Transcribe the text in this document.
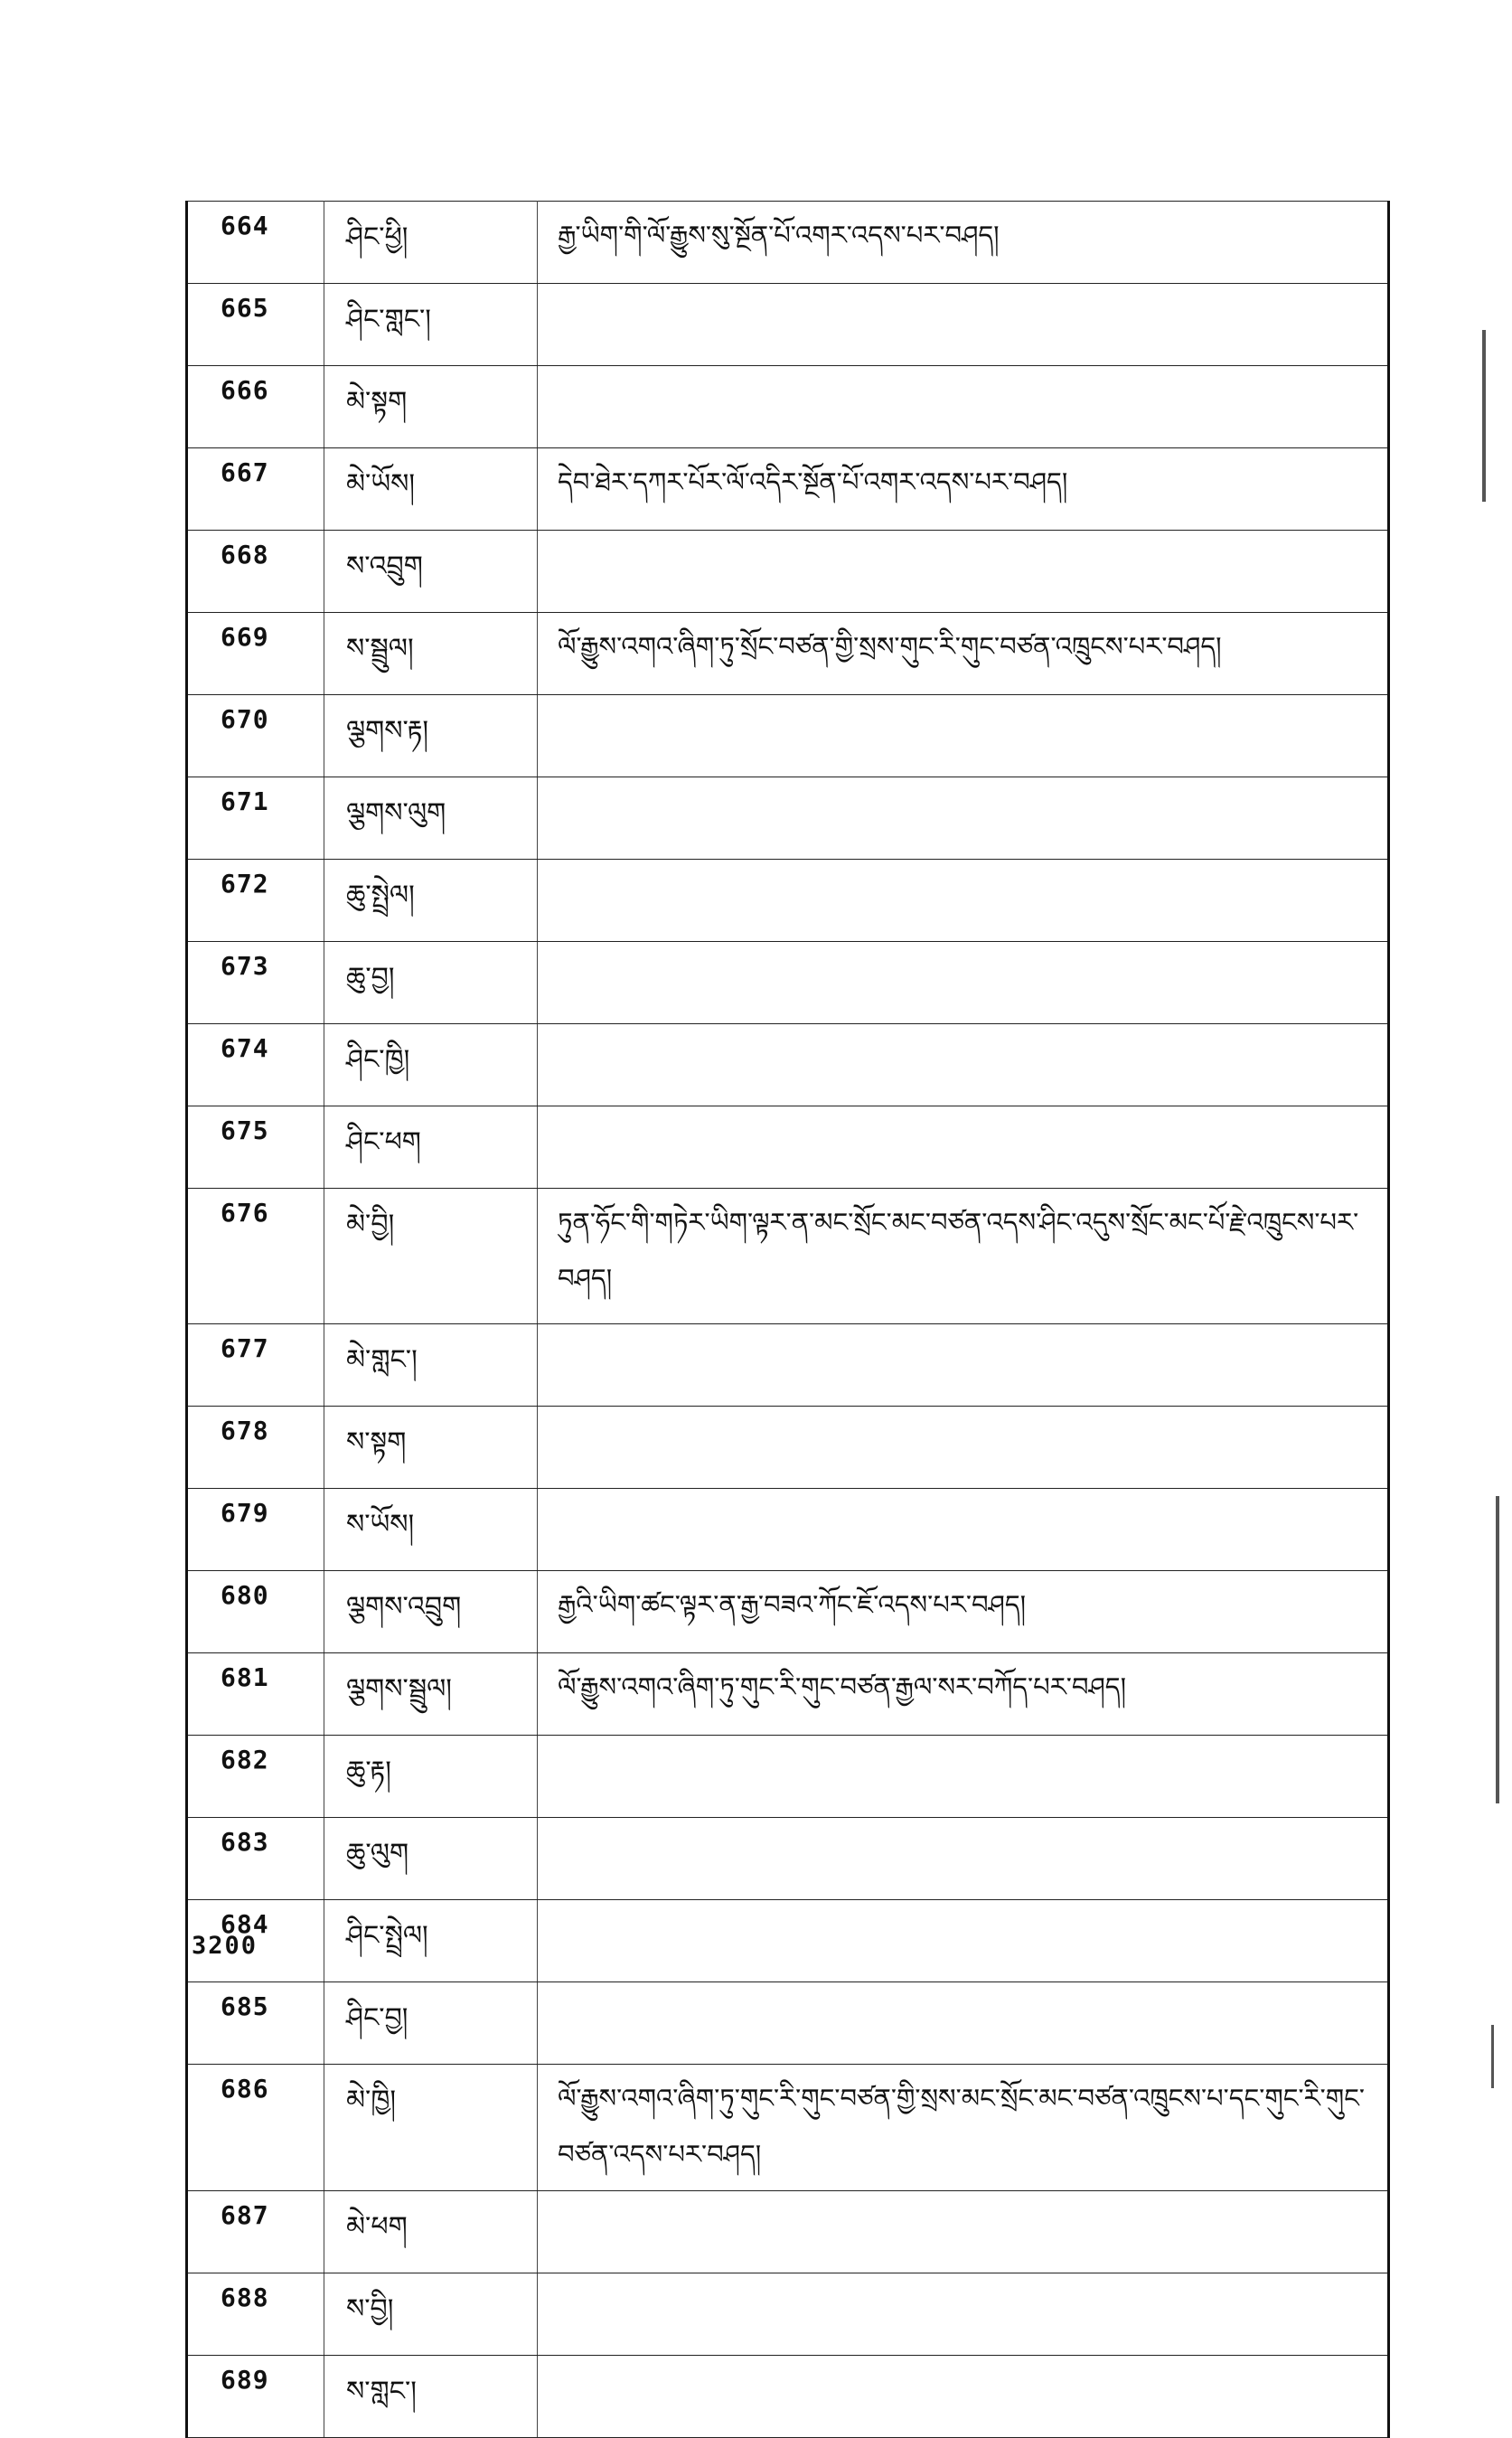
664	ཤིང་ཕྱི།	རྒྱ་ཡིག་གི་ལོ་རྒྱུས་སུ་སྔོན་པོ་འགར་འདས་པར་བཤད།

665	ཤིང་གླང་།	

666	མེ་སྟག	

667	མེ་ཡོས།	དེབ་ཐེར་དཀར་པོར་ལོ་འདིར་སྔོན་པོ་འགར་འདས་པར་བཤད།

668	ས་འབྲུག	

669	ས་སྦྲུལ།	ལོ་རྒྱུས་འགའ་ཞིག་ཏུ་སྲོང་བཙན་གྱི་སྲས་གུང་རི་གུང་བཙན་འཁྲུངས་པར་བཤད།

670	ལྕགས་རྟ།	

671	ལྕགས་ལུག	

672	ཆུ་སྤྲེལ།	

673	ཆུ་བྱ།	

674	ཤིང་ཁྱི།	

675	ཤིང་ཕག	

676	མེ་བྱི།	ཏུན་ཧོང་གི་གཏེར་ཡིག་ལྟར་ན་མང་སྲོང་མང་བཙན་འདས་ཤིང་འདུས་སྲོང་མང་པོ་རྗེ་འཁྲུངས་པར་བཤད།

677	མེ་གླང་།	

678	ས་སྟག	

679	ས་ཡོས།	

680	ལྕགས་འབྲུག	རྒྱའི་ཡིག་ཚང་ལྟར་ན་རྒྱ་བཟའ་ཀོང་ཇོ་འདས་པར་བཤད།

681	ལྕགས་སྦྲུལ།	ལོ་རྒྱུས་འགའ་ཞིག་ཏུ་གུང་རི་གུང་བཙན་རྒྱལ་སར་བཀོད་པར་བཤད།

682	ཆུ་རྟ།	

683	ཆུ་ལུག	

684	ཤིང་སྤྲེལ།	

685	ཤིང་བྱ།	

686	མེ་ཁྱི།	ལོ་རྒྱུས་འགའ་ཞིག་ཏུ་གུང་རི་གུང་བཙན་གྱི་སྲས་མང་སྲོང་མང་བཙན་འཁྲུངས་པ་དང་གུང་རི་གུང་བཙན་འདས་པར་བཤད།

687	མེ་ཕག	

688	ས་བྱི།	

689	ས་གླང་།	

3200
